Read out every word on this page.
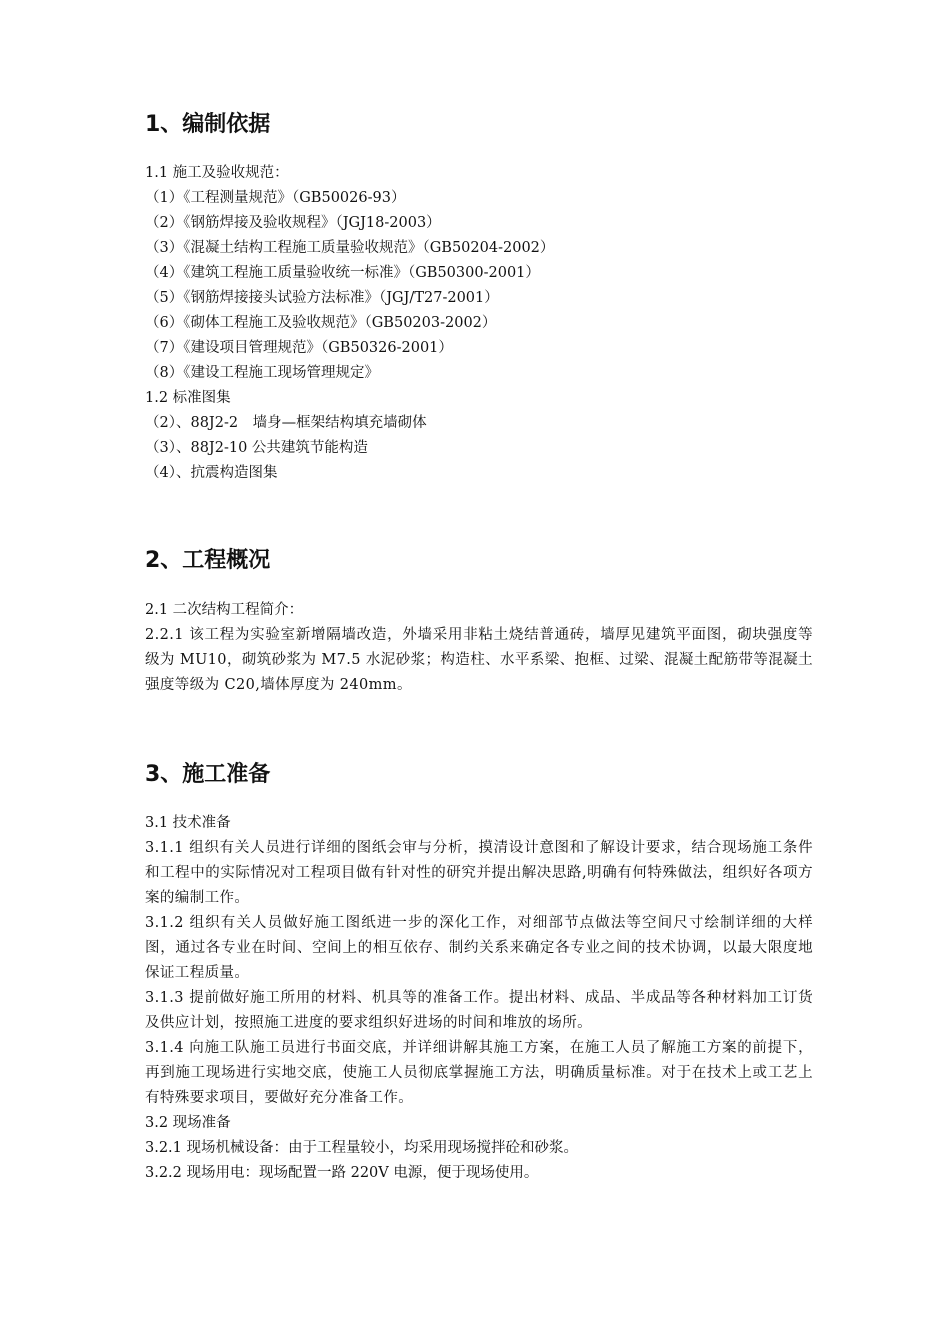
1、编制依据
1.1 施工及验收规范：
（1）《工程测量规范》（GB50026-93）
（2）《钢筋焊接及验收规程》（JGJ18-2003）
（3）《混凝土结构工程施工质量验收规范》（GB50204-2002）
（4）《建筑工程施工质量验收统一标准》（GB50300-2001）
（5）《钢筋焊接接头试验方法标准》（JGJ/T27-2001）
（6）《砌体工程施工及验收规范》（GB50203-2002）
（7）《建设项目管理规范》（GB50326-2001）
（8）《建设工程施工现场管理规定》
1.2 标准图集
（2）、88J2-2　墙身—框架结构填充墙砌体
（3）、88J2-10 公共建筑节能构造
（4）、抗震构造图集
2、工程概况
2.1 二次结构工程简介：
2.2.1 该工程为实验室新增隔墙改造，外墙采用非粘土烧结普通砖，墙厚见建筑平面图，砌块强度等级为 MU10，砌筑砂浆为 M7.5 水泥砂浆；构造柱、水平系梁、抱框、过梁、混凝土配筋带等混凝土强度等级为 C20,墙体厚度为 240mm。
3、施工准备
3.1 技术准备
3.1.1 组织有关人员进行详细的图纸会审与分析，摸清设计意图和了解设计要求，结合现场施工条件和工程中的实际情况对工程项目做有针对性的研究并提出解决思路,明确有何特殊做法，组织好各项方案的编制工作。
3.1.2 组织有关人员做好施工图纸进一步的深化工作，对细部节点做法等空间尺寸绘制详细的大样图，通过各专业在时间、空间上的相互依存、制约关系来确定各专业之间的技术协调，以最大限度地保证工程质量。
3.1.3 提前做好施工所用的材料、机具等的准备工作。提出材料、成品、半成品等各种材料加工订货及供应计划，按照施工进度的要求组织好进场的时间和堆放的场所。
3.1.4 向施工队施工员进行书面交底，并详细讲解其施工方案，在施工人员了解施工方案的前提下，再到施工现场进行实地交底，使施工人员彻底掌握施工方法，明确质量标准。对于在技术上或工艺上有特殊要求项目，要做好充分准备工作。
3.2 现场准备
3.2.1 现场机械设备：由于工程量较小，均采用现场搅拌砼和砂浆。
3.2.2 现场用电：现场配置一路 220V 电源，便于现场使用。
